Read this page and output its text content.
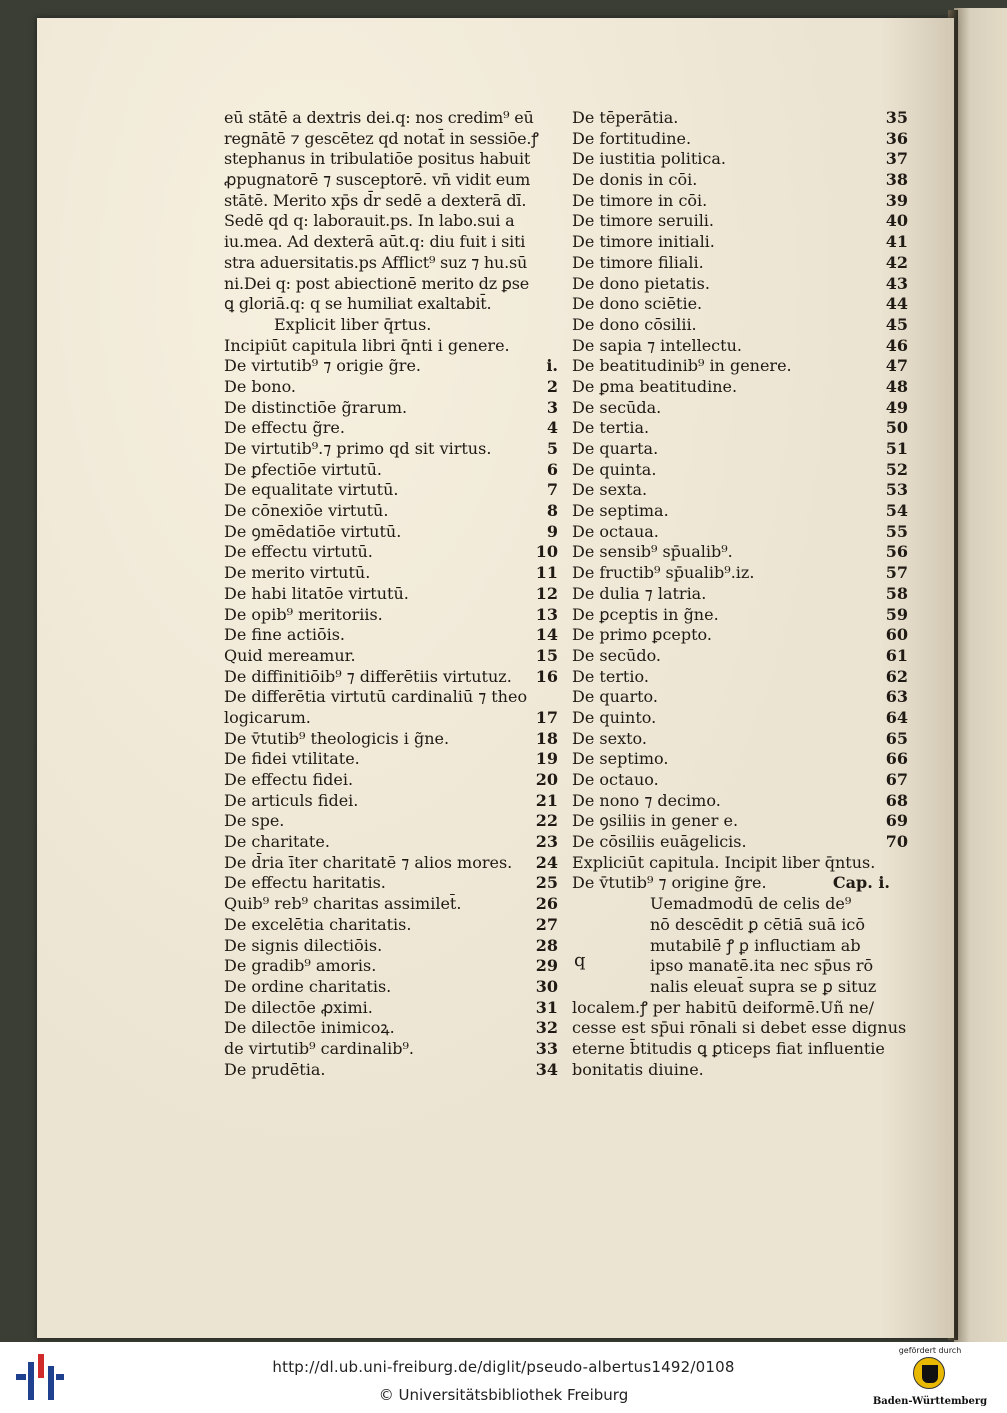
eū stātē a dextris dei.q: nos credim⁹ eū
regnātē ⁊ gescētez qd notat̄ in sessiōe.ꝭ
stephanus in tribulatiōe positus habuit
ꝓpugnatorē ⁊ susceptorē. vn̄ vidit eum
stātē. Merito xp̄s d̄r sedē a dexterā dī.
Sedē qd q: laborauit.ps. In labo.sui a
iu.mea. Ad dexterā aūt.q: diu fuit i siti
stra aduersitatis.ps Afflict⁹ suz ⁊ hu.sū
ni.Dei q: post abiectionē merito dz ꝑse
ꝗ gloriā.q: q se humiliat exaltabit̄.
Explicit liber q̄rtus.
Incipiūt capitula libri q̄nti i genere.
De virtutib⁹ ⁊ origie g̃re.	i.
De bono.	2
De distinctiōe g̃rarum.	3
De effectu g̃re.	4
De virtutib⁹.⁊ primo qd sit virtus.	5
De ꝑfectiōe virtutū.	6
De equalitate virtutū.	7
De cōnexiōe virtutū.	8
De ꝯmēdatiōe virtutū.	9
De effectu virtutū.	10
De merito virtutū.	11
De habi litatōe virtutū.	12
De opib⁹ meritoriis.	13
De fine actiōis.	14
Quid mereamur.	15
De diffinitiōib⁹ ⁊ differētiis virtutuz.	16
De differētia virtutū cardinaliū ⁊ theo
logicarum.	17
De v̄tutib⁹ theologicis i g̃ne.	18
De fidei vtilitate.	19
De effectu fidei.	20
De articuls fidei.	21
De spe.	22
De charitate.	23
De d̄ria īter charitatē ⁊ alios mores.	24
De effectu haritatis.	25
Quib⁹ reb⁹ charitas assimilet̄.	26
De excelētia charitatis.	27
De signis dilectiōis.	28
De gradib⁹ amoris.	29
De ordine charitatis.	30
De dilectōe ꝓximi.	31
De dilectōe inimicoꝝ.	32
de virtutib⁹ cardinalib⁹.	33
De prudētia.	34
De tēperātia.	35
De fortitudine.	36
De iustitia politica.	37
De donis in cōi.	38
De timore in cōi.	39
De timore seruili.	40
De timore initiali.	41
De timore filiali.	42
De dono pietatis.	43
De dono sciētie.	44
De dono cōsilii.	45
De sapia ⁊ intellectu.	46
De beatitudinib⁹ in genere.	47
De ꝑma beatitudine.	48
De secūda.	49
De tertia.	50
De quarta.	51
De quinta.	52
De sexta.	53
De septima.	54
De octaua.	55
De sensib⁹ sp̄ualib⁹.	56
De fructib⁹ sp̄ualib⁹.iz.	57
De dulia ⁊ latria.	58
De ꝑceptis in g̃ne.	59
De primo ꝑcepto.	60
De secūdo.	61
De tertio.	62
De quarto.	63
De quinto.	64
De sexto.	65
De septimo.	66
De octauo.	67
De nono ⁊ decimo.	68
De ꝯsiliis in gener e.	69
De cōsiliis euāgelicis.	70
Expliciūt capitula. Incipit liber q̄ntus.
De v̄tutib⁹ ⁊ origine g̃re.	Cap. i.
Uemadmodū de celis de⁹
nō descēdit ꝑ cētiā suā icō
mutabilē ꝭ ꝑ influctiam ab
ipso manatē.ita nec sp̄us rō
nalis eleuat̄ supra se ꝑ situz
localem.ꝭ per habitū deiformē.Uñ ne/
cesse est sp̄ui rōnali si debet esse dignus
eterne b̄titudis ꝗ ꝑticeps fiat influentie
bonitatis diuine.
q
http://dl.ub.uni-freiburg.de/diglit/pseudo-albertus1492/0108
© Universitätsbibliothek Freiburg
gefördert durch
Baden-Württemberg
